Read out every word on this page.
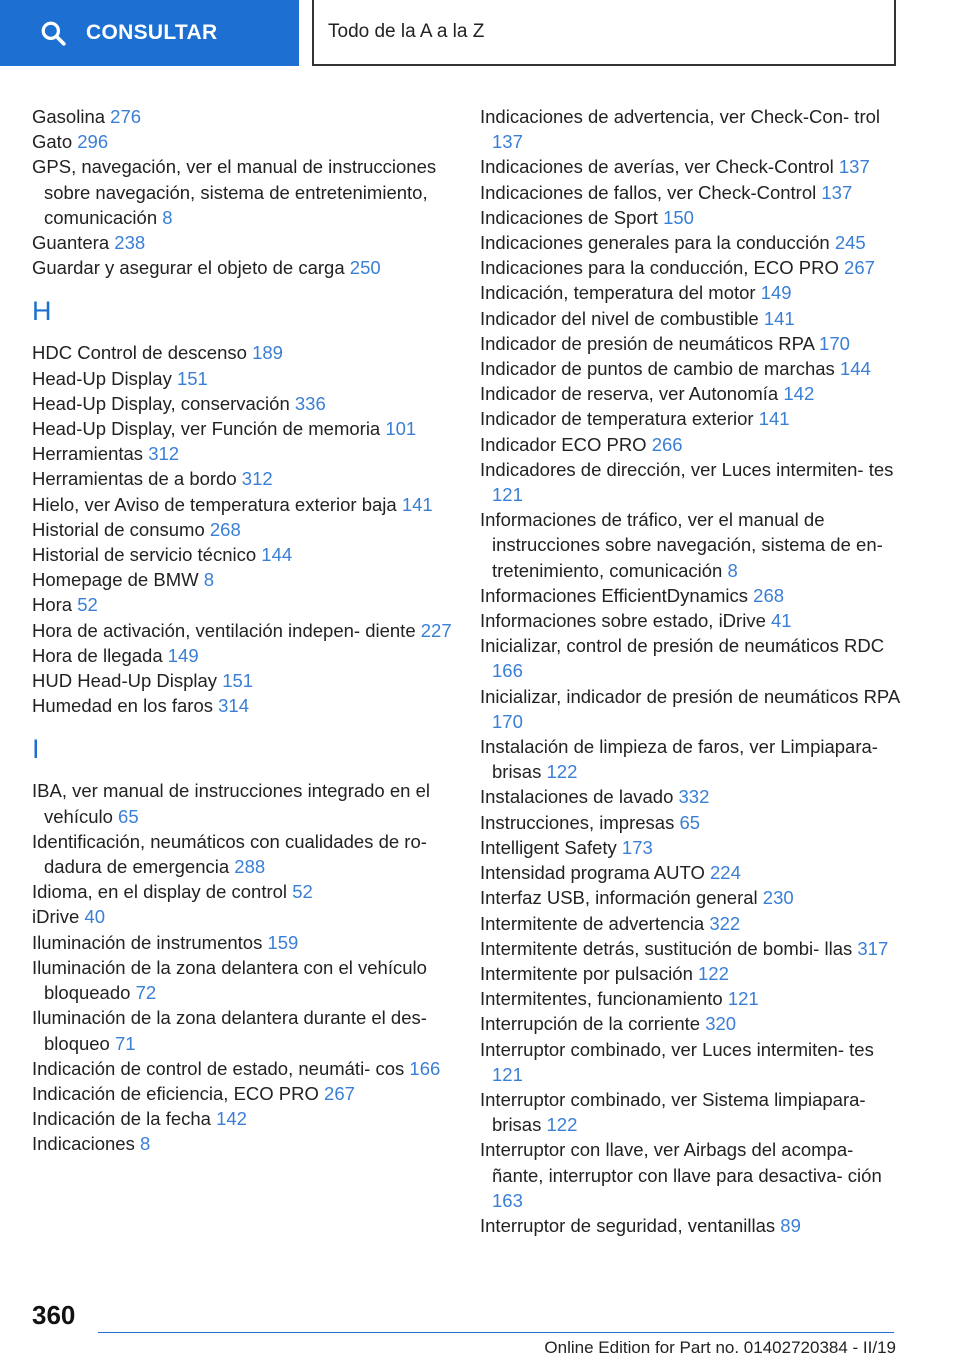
CONSULTAR	Todo de la A a la Z
Gasolina 276
Gato 296
GPS, navegación, ver el manual de instrucciones sobre navegación, sistema de entretenimiento, comunicación 8
Guantera 238
Guardar y asegurar el objeto de carga 250
H
HDC Control de descenso 189
Head-Up Display 151
Head-Up Display, conservación 336
Head-Up Display, ver Función de memoria 101
Herramientas 312
Herramientas de a bordo 312
Hielo, ver Aviso de temperatura exterior baja 141
Historial de consumo 268
Historial de servicio técnico 144
Homepage de BMW 8
Hora 52
Hora de activación, ventilación indepen‐ diente 227
Hora de llegada 149
HUD Head-Up Display 151
Humedad en los faros 314
I
IBA, ver manual de instrucciones integrado en el vehículo 65
Identificación, neumáticos con cualidades de ro‐ dadura de emergencia 288
Idioma, en el display de control 52
iDrive 40
Iluminación de instrumentos 159
Iluminación de la zona delantera con el vehículo bloqueado 72
Iluminación de la zona delantera durante el des‐ bloqueo 71
Indicación de control de estado, neumáti‐ cos 166
Indicación de eficiencia, ECO PRO 267
Indicación de la fecha 142
Indicaciones 8
Indicaciones de advertencia, ver Check-Con‐ trol 137
Indicaciones de averías, ver Check-Control 137
Indicaciones de fallos, ver Check-Control 137
Indicaciones de Sport 150
Indicaciones generales para la conducción 245
Indicaciones para la conducción, ECO PRO 267
Indicación, temperatura del motor 149
Indicador del nivel de combustible 141
Indicador de presión de neumáticos RPA 170
Indicador de puntos de cambio de marchas 144
Indicador de reserva, ver Autonomía 142
Indicador de temperatura exterior 141
Indicador ECO PRO 266
Indicadores de dirección, ver Luces intermiten‐ tes 121
Informaciones de tráfico, ver el manual de instrucciones sobre navegación, sistema de en‐ tretenimiento, comunicación 8
Informaciones EfficientDynamics 268
Informaciones sobre estado, iDrive 41
Inicializar, control de presión de neumáticos RDC 166
Inicializar, indicador de presión de neumáticos RPA 170
Instalación de limpieza de faros, ver Limpiapara‐ brisas 122
Instalaciones de lavado 332
Instrucciones, impresas 65
Intelligent Safety 173
Intensidad programa AUTO 224
Interfaz USB, información general 230
Intermitente de advertencia 322
Intermitente detrás, sustitución de bombi‐ llas 317
Intermitente por pulsación 122
Intermitentes, funcionamiento 121
Interrupción de la corriente 320
Interruptor combinado, ver Luces intermiten‐ tes 121
Interruptor combinado, ver Sistema limpiapara‐ brisas 122
Interruptor con llave, ver Airbags del acompa‐ ñante, interruptor con llave para desactiva‐ ción 163
Interruptor de seguridad, ventanillas 89
360
Online Edition for Part no. 01402720384 - II/19
